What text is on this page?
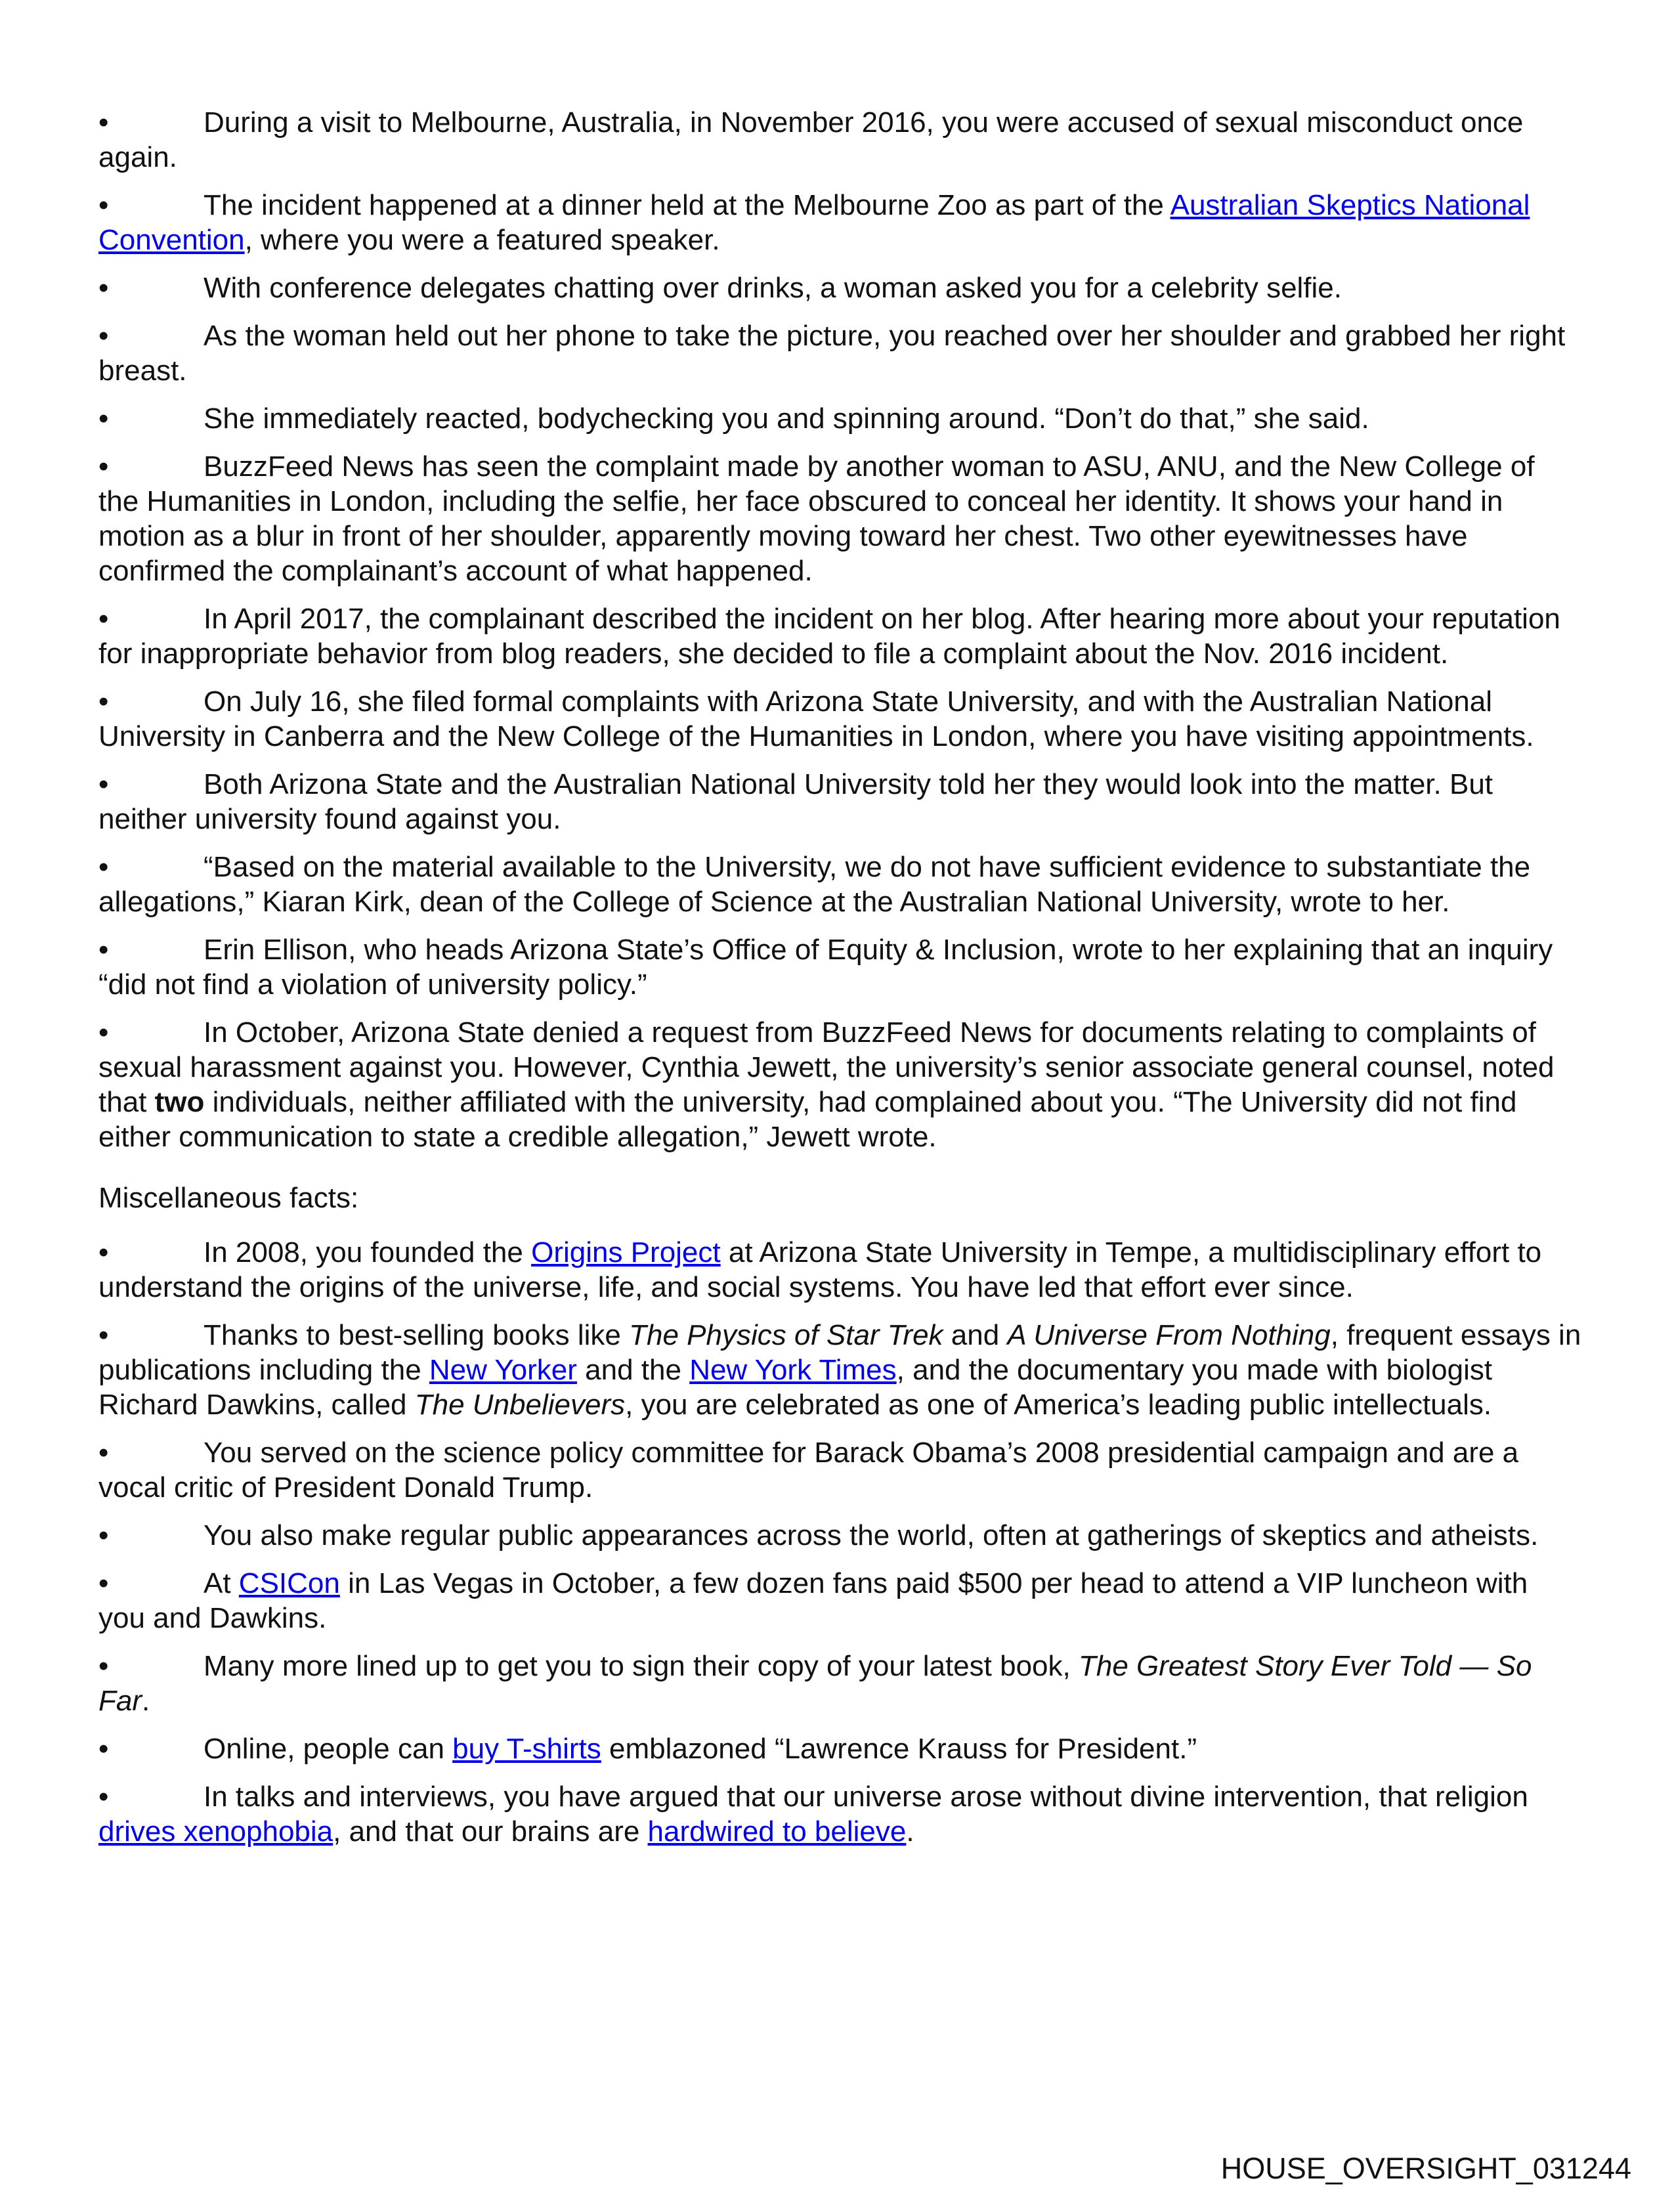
•	During a visit to Melbourne, Australia, in November 2016, you were accused of sexual misconduct once again.

•	The incident happened at a dinner held at the Melbourne Zoo as part of the Australian Skeptics National Convention, where you were a featured speaker.

•	With conference delegates chatting over drinks, a woman asked you for a celebrity selfie.

•	As the woman held out her phone to take the picture, you reached over her shoulder and grabbed her right breast.

•	She immediately reacted, bodychecking you and spinning around. “Don’t do that,” she said.

•	BuzzFeed News has seen the complaint made by another woman to ASU, ANU, and the New College of the Humanities in London, including the selfie, her face obscured to conceal her identity. It shows your hand in motion as a blur in front of her shoulder, apparently moving toward her chest. Two other eyewitnesses have confirmed the complainant’s account of what happened.

•	In April 2017, the complainant described the incident on her blog. After hearing more about your reputation for inappropriate behavior from blog readers, she decided to file a complaint about the Nov. 2016 incident.

•	On July 16, she filed formal complaints with Arizona State University, and with the Australian National University in Canberra and the New College of the Humanities in London, where you have visiting appointments.

•	Both Arizona State and the Australian National University told her they would look into the matter. But neither university found against you.

•	“Based on the material available to the University, we do not have sufficient evidence to substantiate the allegations,” Kiaran Kirk, dean of the College of Science at the Australian National University, wrote to her.

•	Erin Ellison, who heads Arizona State’s Office of Equity & Inclusion, wrote to her explaining that an inquiry “did not find a violation of university policy.”

•	In October, Arizona State denied a request from BuzzFeed News for documents relating to complaints of sexual harassment against you. However, Cynthia Jewett, the university’s senior associate general counsel, noted that two individuals, neither affiliated with the university, had complained about you. “The University did not find either communication to state a credible allegation,” Jewett wrote.

Miscellaneous facts:

•	In 2008, you founded the Origins Project at Arizona State University in Tempe, a multidisciplinary effort to understand the origins of the universe, life, and social systems. You have led that effort ever since.

•	Thanks to best-selling books like The Physics of Star Trek and A Universe From Nothing, frequent essays in publications including the New Yorker and the New York Times, and the documentary you made with biologist Richard Dawkins, called The Unbelievers, you are celebrated as one of America’s leading public intellectuals.

•	You served on the science policy committee for Barack Obama’s 2008 presidential campaign and are a vocal critic of President Donald Trump.

•	You also make regular public appearances across the world, often at gatherings of skeptics and atheists.

•	At CSICon in Las Vegas in October, a few dozen fans paid $500 per head to attend a VIP luncheon with you and Dawkins.

•	Many more lined up to get you to sign their copy of your latest book, The Greatest Story Ever Told — So Far.

•	Online, people can buy T-shirts emblazoned “Lawrence Krauss for President.”

•	In talks and interviews, you have argued that our universe arose without divine intervention, that religion drives xenophobia, and that our brains are hardwired to believe.

HOUSE_OVERSIGHT_031244
